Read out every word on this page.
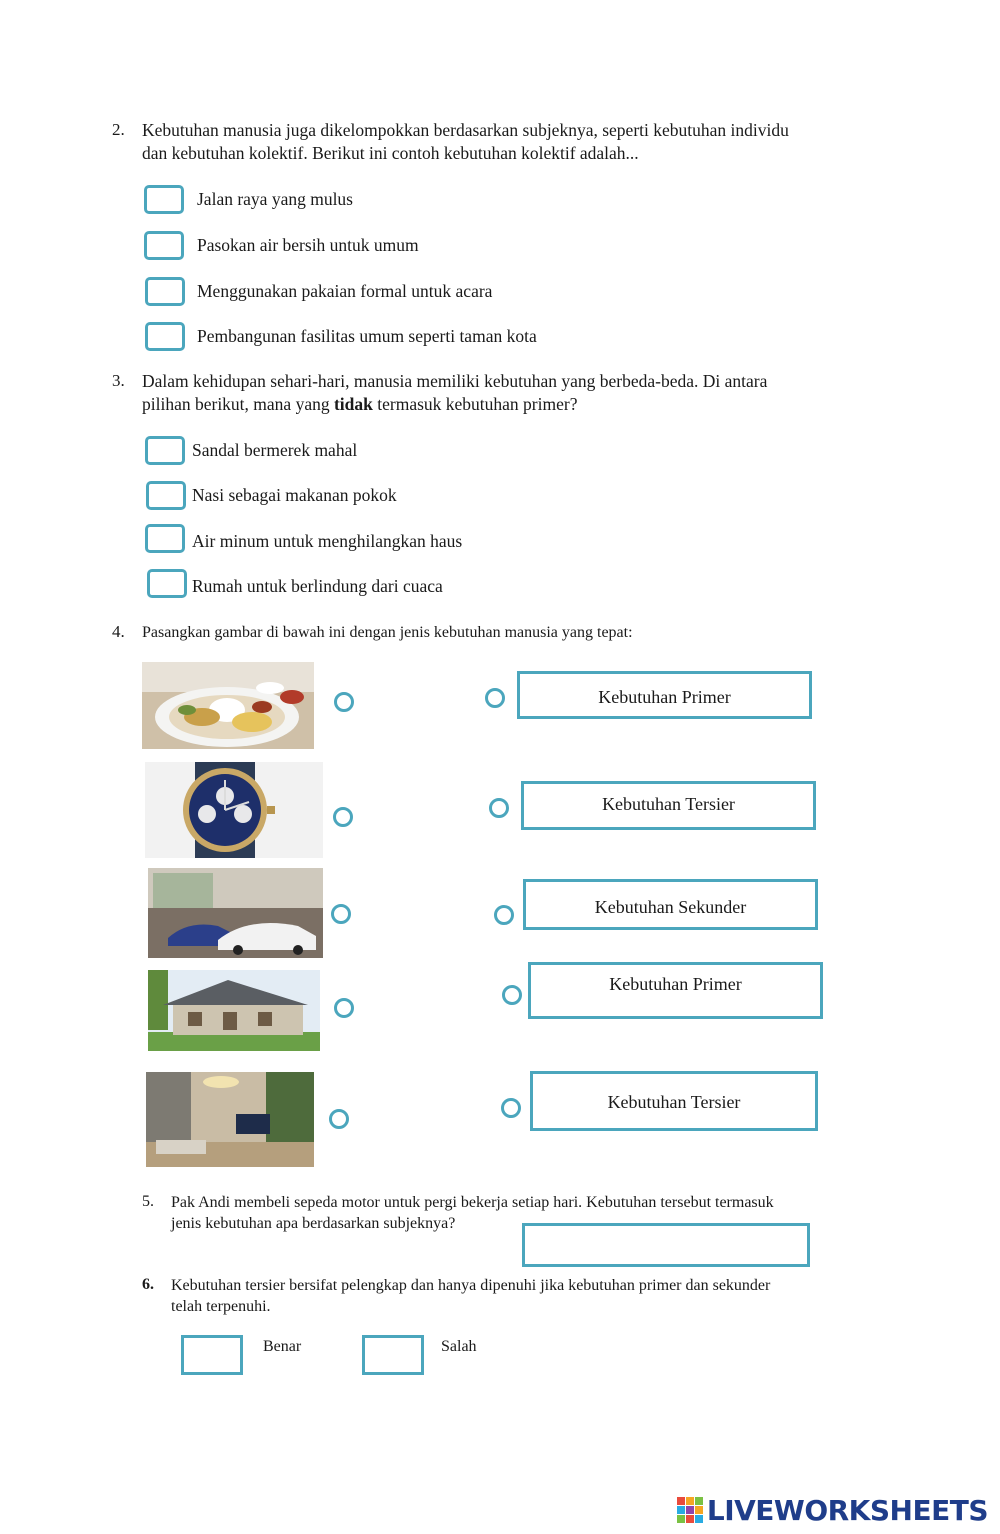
2. Kebutuhan manusia juga dikelompokkan berdasarkan subjeknya, seperti kebutuhan individu
dan kebutuhan kolektif. Berikut ini contoh kebutuhan kolektif adalah...
Jalan raya yang mulus
Pasokan air bersih untuk umum
Menggunakan pakaian formal untuk acara
Pembangunan fasilitas umum seperti taman kota
3. Dalam kehidupan sehari-hari, manusia memiliki kebutuhan yang berbeda-beda. Di antara
pilihan berikut, mana yang tidak termasuk kebutuhan primer?
Sandal bermerek mahal
Nasi sebagai makanan pokok
Air minum untuk menghilangkan haus
Rumah untuk berlindung dari cuaca
4. Pasangkan gambar di bawah ini dengan jenis kebutuhan manusia yang tepat:
Kebutuhan Primer
Kebutuhan Tersier
Kebutuhan Sekunder
Kebutuhan Primer
Kebutuhan Tersier
5. Pak Andi membeli sepeda motor untuk pergi bekerja setiap hari. Kebutuhan tersebut termasuk
jenis kebutuhan apa berdasarkan subjeknya?
6. Kebutuhan tersier bersifat pelengkap dan hanya dipenuhi jika kebutuhan primer dan sekunder
telah terpenuhi.
Benar	Salah
LIVEWORKSHEETS
